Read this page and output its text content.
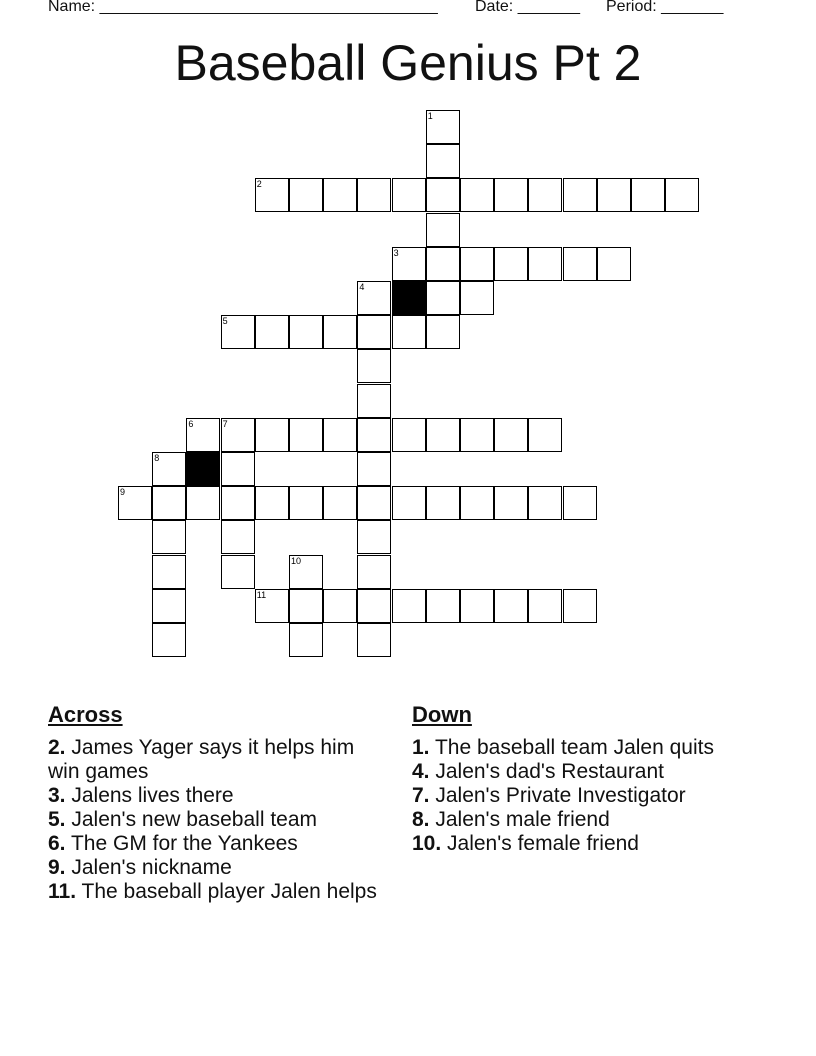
Name: ______________________________________ Date: _______ Period: _______
Baseball Genius Pt 2
1
2
3
4
5
6	7
8
9
10
11
Across
2. James Yager says it helps him win games
3. Jalens lives there
5. Jalen's new baseball team
6. The GM for the Yankees
9. Jalen's nickname
11. The baseball player Jalen helps
Down
1. The baseball team Jalen quits
4. Jalen's dad's Restaurant
7. Jalen's Private Investigator
8. Jalen's male friend
10. Jalen's female friend
